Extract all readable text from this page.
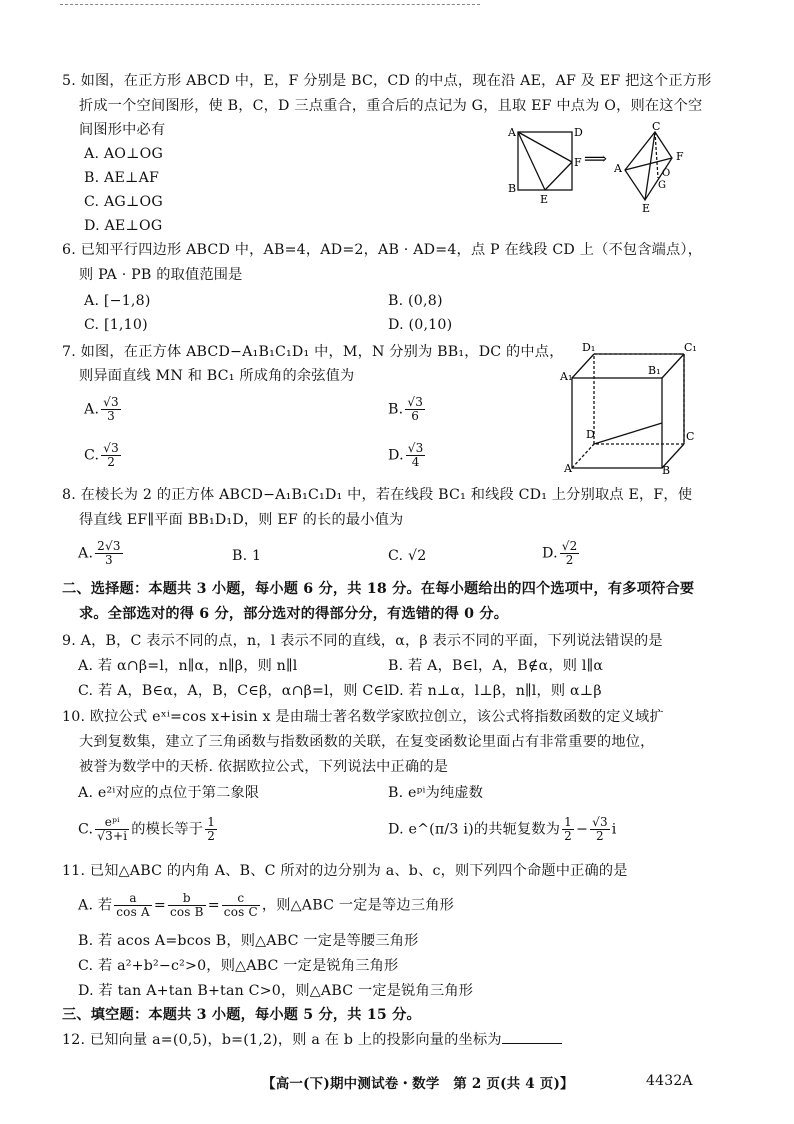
5. 如图，在正方形 ABCD 中，E，F 分别是 BC，CD 的中点，现在沿 AE，AF 及 EF 把这个正方形
折成一个空间图形，使 B，C，D 三点重合，重合后的点记为 G，且取 EF 中点为 O，则在这个空
间图形中必有
A. AO⊥OG
B. AE⊥AF
C. AG⊥OG
D. AE⊥OG
A	D
F
B
E
C
G
A
F
O
E
⟹
6. 已知平行四边形 ABCD 中，AB=4，AD=2，AB · AD=4，点 P 在线段 CD 上（不包含端点），
则 PA · PB 的取值范围是
A. [−1,8)	B. (0,8)
C. [1,10)	D. (0,10)
7. 如图，在正方体 ABCD−A₁B₁C₁D₁ 中，M，N 分别为 BB₁，DC 的中点，
则异面直线 MN 和 BC₁ 所成角的余弦值为
A. $\frac{√3}{3}$	B. $\frac{√3}{6}$
C. $\frac{√3}{2}$	D. $\frac{√3}{4}$
D₁	C₁
A₁	B₁
D	C
A	B
8. 在棱长为 2 的正方体 ABCD−A₁B₁C₁D₁ 中，若在线段 BC₁ 和线段 CD₁ 上分别取点 E，F，使
得直线 EF∥平面 BB₁D₁D，则 EF 的长的最小值为
A. $\frac{2√3}{3}$	B. 1	C. √2	D. $\frac{√2}{2}$
二、选择题：本题共 3 小题，每小题 6 分，共 18 分。在每小题给出的四个选项中，有多项符合要
求。全部选对的得 6 分，部分选对的得部分分，有选错的得 0 分。
9. A，B，C 表示不同的点，n，l 表示不同的直线，α，β 表示不同的平面，下列说法错误的是
A. 若 α∩β=l，n∥α，n∥β，则 n∥l	B. 若 A，B∈l，A，B∉α，则 l∥α
C. 若 A，B∈α，A，B，C∈β，α∩β=l，则 C∈l D. 若 n⊥α，l⊥β，n∥l，则 α⊥β
10. 欧拉公式 eˣⁱ=cos x+isin x 是由瑞士著名数学家欧拉创立，该公式将指数函数的定义域扩
大到复数集，建立了三角函数与指数函数的关联，在复变函数论里面占有非常重要的地位，
被誉为数学中的天桥. 依据欧拉公式，下列说法中正确的是
A. e²ⁱ对应的点位于第二象限	B. eᵖⁱ为纯虚数
C. $\frac{\text{eᵖⁱ}}{√3+i}$ 的模长等于 $\frac{1}{2}$	D. e^(π/3 i)的共轭复数为 $\frac{1}{2} - \frac{√3}{2}$ i
11. 已知△ABC 的内角 A、B、C 所对的边分别为 a、b、c，则下列四个命题中正确的是
A. 若 $\frac{a}{\text{cos A}} = \frac{b}{\text{cos B}} = \frac{c}{\text{cos C}}$ ，则△ABC 一定是等边三角形
B. 若 acos A=bcos B，则△ABC 一定是等腰三角形
C. 若 a²+b²−c²>0，则△ABC 一定是锐角三角形
D. 若 tan A+tan B+tan C>0，则△ABC 一定是锐角三角形
三、填空题：本题共 3 小题，每小题 5 分，共 15 分。
12. 已知向量 a=(0,5)，b=(1,2)，则 a 在 b 上的投影向量的坐标为
【高一(下)期中测试卷・数学　第 2 页(共 4 页)】	4432A
